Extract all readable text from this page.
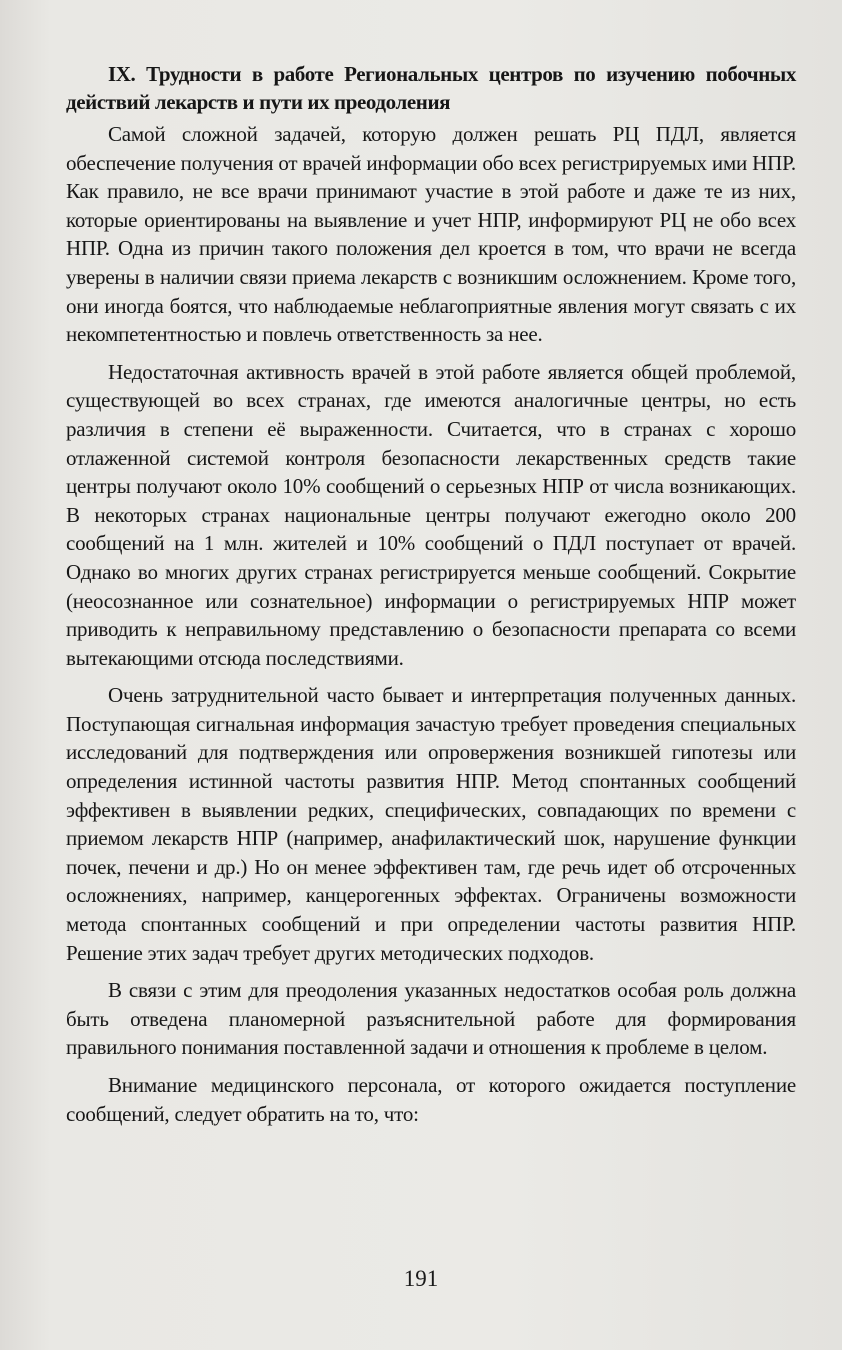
IX. Трудности в работе Региональных центров по изучению побочных действий лекарств и пути их преодоления

Самой сложной задачей, которую должен решать РЦ ПДЛ, является обеспечение получения от врачей информации обо всех регистрируемых ими НПР. Как правило, не все врачи принимают участие в этой работе и даже те из них, которые ориентированы на выявление и учет НПР, информируют РЦ не обо всех НПР. Одна из причин такого положения дел кроется в том, что врачи не всегда уверены в наличии связи приема лекарств с возникшим осложнением. Кроме того, они иногда боятся, что наблюдаемые неблагоприятные явления могут связать с их некомпетентностью и повлечь ответственность за нее.

Недостаточная активность врачей в этой работе является общей проблемой, существующей во всех странах, где имеются аналогичные центры, но есть различия в степени её выраженности. Считается, что в странах с хорошо отлаженной системой контроля безопасности лекарственных средств такие центры получают около 10% сообщений о серьезных НПР от числа возникающих. В некоторых странах национальные центры получают ежегодно около 200 сообщений на 1 млн. жителей и 10% сообщений о ПДЛ поступает от врачей. Однако во многих других странах регистрируется меньше сообщений. Сокрытие (неосознанное или сознательное) информации о регистрируемых НПР может приводить к неправильному представлению о безопасности препарата со всеми вытекающими отсюда последствиями.

Очень затруднительной часто бывает и интерпретация полученных данных. Поступающая сигнальная информация зачастую требует проведения специальных исследований для подтверждения или опровержения возникшей гипотезы или определения истинной частоты развития НПР. Метод спонтанных сообщений эффективен в выявлении редких, специфических, совпадающих по времени с приемом лекарств НПР (например, анафилактический шок, нарушение функции почек, печени и др.) Но он менее эффективен там, где речь идет об отсроченных осложнениях, например, канцерогенных эффектах. Ограничены возможности метода спонтанных сообщений и при определении частоты развития НПР. Решение этих задач требует других методических подходов.

В связи с этим для преодоления указанных недостатков особая роль должна быть отведена планомерной разъяснительной работе для формирования правильного понимания поставленной задачи и отношения к проблеме в целом.

Внимание медицинского персонала, от которого ожидается поступление сообщений, следует обратить на то, что:

191
